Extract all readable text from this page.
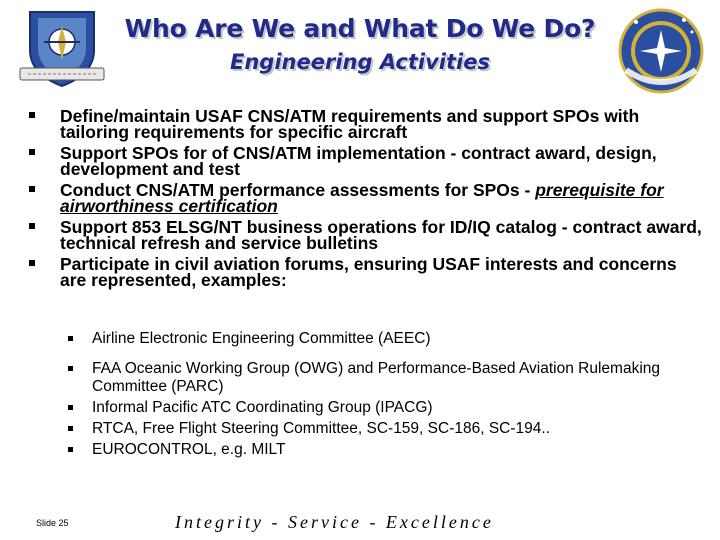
Who Are We and What Do We Do?
Engineering Activities
Define/maintain USAF CNS/ATM requirements and support SPOs with tailoring requirements for specific aircraft
Support SPOs for of CNS/ATM implementation - contract award, design, development and test
Conduct CNS/ATM performance assessments for SPOs - prerequisite for airworthiness certification
Support 853 ELSG/NT business operations for ID/IQ catalog - contract award, technical refresh and service bulletins
Participate in civil aviation forums, ensuring USAF interests and concerns are represented, examples:
Airline Electronic Engineering Committee (AEEC)
FAA Oceanic Working Group (OWG) and Performance-Based Aviation Rulemaking Committee (PARC)
Informal Pacific ATC Coordinating Group (IPACG)
RTCA, Free Flight Steering Committee, SC-159, SC-186, SC-194..
EUROCONTROL, e.g. MILT
Slide 25	Integrity - Service - Excellence
